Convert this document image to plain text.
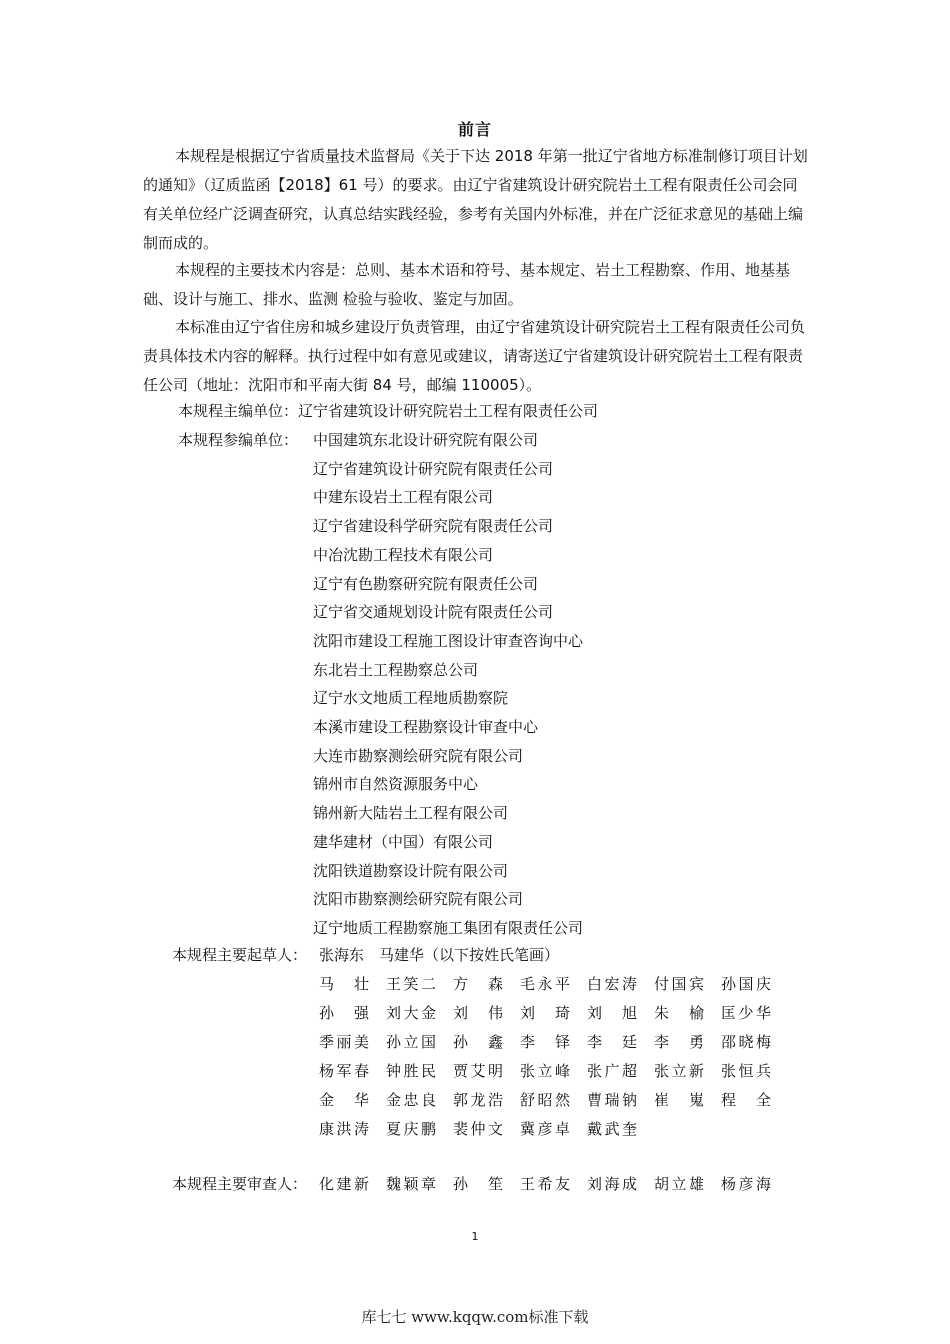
前言

本规程是根据辽宁省质量技术监督局《关于下达 2018 年第一批辽宁省地方标准制修订项目计划的通知》（辽质监函【2018】61 号）的要求。由辽宁省建筑设计研究院岩土工程有限责任公司会同有关单位经广泛调查研究，认真总结实践经验，参考有关国内外标准，并在广泛征求意见的基础上编制而成的。

本规程的主要技术内容是：总则、基本术语和符号、基本规定、岩土工程勘察、作用、地基基础、设计与施工、排水、监测 检验与验收、鉴定与加固。

本标准由辽宁省住房和城乡建设厅负责管理，由辽宁省建筑设计研究院岩土工程有限责任公司负责具体技术内容的解释。执行过程中如有意见或建议，请寄送辽宁省建筑设计研究院岩土工程有限责任公司（地址：沈阳市和平南大街 84 号，邮编 110005）。

本规程主编单位：辽宁省建筑设计研究院岩土工程有限责任公司
本规程参编单位： 中国建筑东北设计研究院有限公司
辽宁省建筑设计研究院有限责任公司
中建东设岩土工程有限公司
辽宁省建设科学研究院有限责任公司
中冶沈勘工程技术有限公司
辽宁有色勘察研究院有限责任公司
辽宁省交通规划设计院有限责任公司
沈阳市建设工程施工图设计审查咨询中心
东北岩土工程勘察总公司
辽宁水文地质工程地质勘察院
本溪市建设工程勘察设计审查中心
大连市勘察测绘研究院有限公司
锦州市自然资源服务中心
锦州新大陆岩土工程有限公司
建华建材（中国）有限公司
沈阳铁道勘察设计院有限公司
沈阳市勘察测绘研究院有限公司
辽宁地质工程勘察施工集团有限责任公司
本规程主要起草人： 张海东　马建华（以下按姓氏笔画）
马壮 王笑二 方森 毛永平 白宏涛 付国宾 孙国庆
孙强 刘大金 刘伟 刘琦 刘旭 朱榆 匡少华
季丽美 孙立国 孙鑫 李铎 李廷 李勇 邵晓梅
杨军春 钟胜民 贾艾明 张立峰 张广超 张立新 张恒兵
金华 金忠良 郭龙浩 舒昭然 曹瑞钠 崔嵬 程全
康洪涛 夏庆鹏 裴仲文 冀彦卓 戴武奎
本规程主要审查人： 化建新 魏颖章 孙笙 王希友 刘海成 胡立雄 杨彦海
1
库七七 www.kqqw.com标准下载
